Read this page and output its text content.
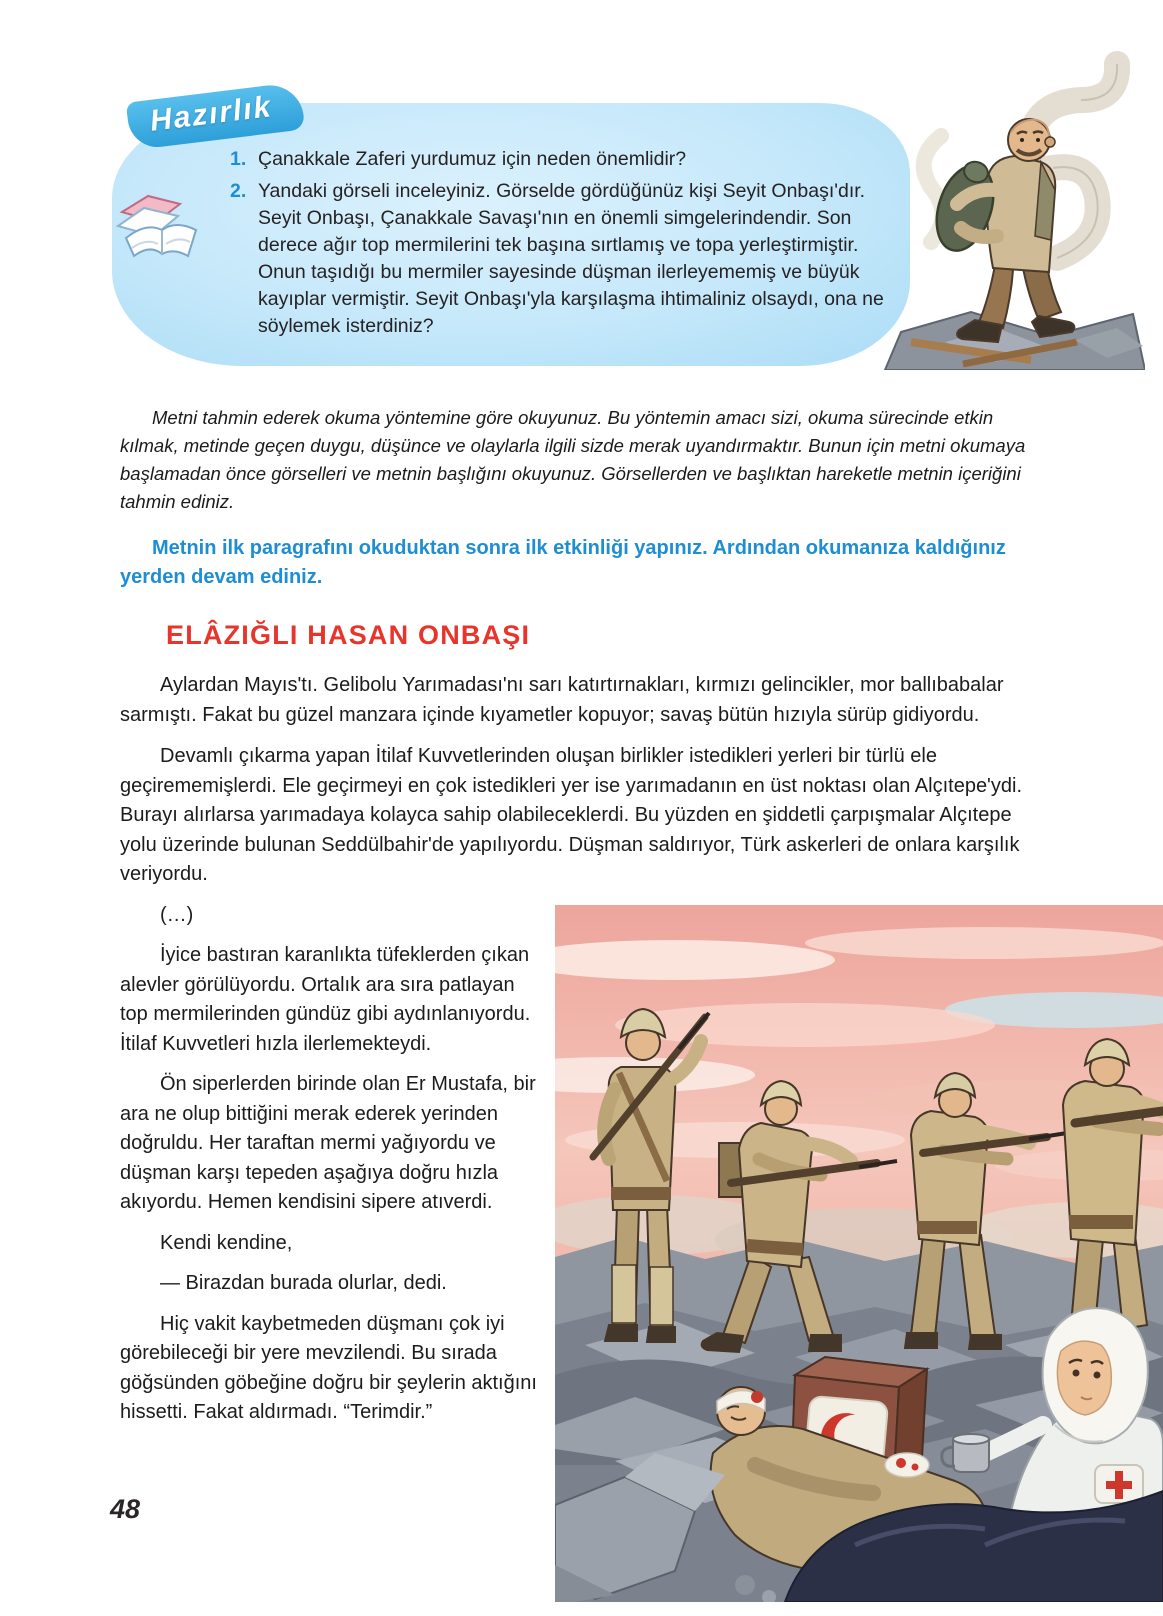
Hazırlık
1. Çanakkale Zaferi yurdumuz için neden önemlidir?
2. Yandaki görseli inceleyiniz. Görselde gördüğünüz kişi Seyit Onbaşı'dır. Seyit Onbaşı, Çanakkale Savaşı'nın en önemli simgelerindendir. Son derece ağır top mermilerini tek başına sırtlamış ve topa yerleştirmiştir. Onun taşıdığı bu mermiler sayesinde düşman ilerleyememiş ve büyük kayıplar vermiştir. Seyit Onbaşı'yla karşılaşma ihtimaliniz olsaydı, ona ne söylemek isterdiniz?

Metni tahmin ederek okuma yöntemine göre okuyunuz. Bu yöntemin amacı sizi, okuma sürecinde etkin kılmak, metinde geçen duygu, düşünce ve olaylarla ilgili sizde merak uyandırmaktır. Bunun için metni okumaya başlamadan önce görselleri ve metnin başlığını okuyunuz. Görsellerden ve başlıktan hareketle metnin içeriğini tahmin ediniz.

Metnin ilk paragrafını okuduktan sonra ilk etkinliği yapınız. Ardından okumanıza kaldığınız yerden devam ediniz.

ELÂZIĞLI HASAN ONBAŞI

Aylardan Mayıs'tı. Gelibolu Yarımadası'nı sarı katırtırnakları, kırmızı gelincikler, mor ballıbabalar sarmıştı. Fakat bu güzel manzara içinde kıyametler kopuyor; savaş bütün hızıyla sürüp gidiyordu.

Devamlı çıkarma yapan İtilaf Kuvvetlerinden oluşan birlikler istedikleri yerleri bir türlü ele geçirememişlerdi. Ele geçirmeyi en çok istedikleri yer ise yarımadanın en üst noktası olan Alçıtepe'ydi. Burayı alırlarsa yarımadaya kolayca sahip olabileceklerdi. Bu yüzden en şiddetli çarpışmalar Alçıtepe yolu üzerinde bulunan Seddülbahir'de yapılıyordu. Düşman saldırıyor, Türk askerleri de onlara karşılık veriyordu.

(…)

İyice bastıran karanlıkta tüfeklerden çıkan alevler görülüyordu. Ortalık ara sıra patlayan top mermilerinden gündüz gibi aydınlanıyordu. İtilaf Kuvvetleri hızla ilerlemekteydi.

Ön siperlerden birinde olan Er Mustafa, bir ara ne olup bittiğini merak ederek yerinden doğruldu. Her taraftan mermi yağıyordu ve düşman karşı tepeden aşağıya doğru hızla akıyordu. Hemen kendisini sipere atıverdi.

Kendi kendine,

— Birazdan burada olurlar, dedi.

Hiç vakit kaybetmeden düşmanı çok iyi görebileceği bir yere mevzilendi. Bu sırada göğsünden göbeğine doğru bir şeylerin aktığını hissetti. Fakat aldırmadı. “Terimdir.”

48
